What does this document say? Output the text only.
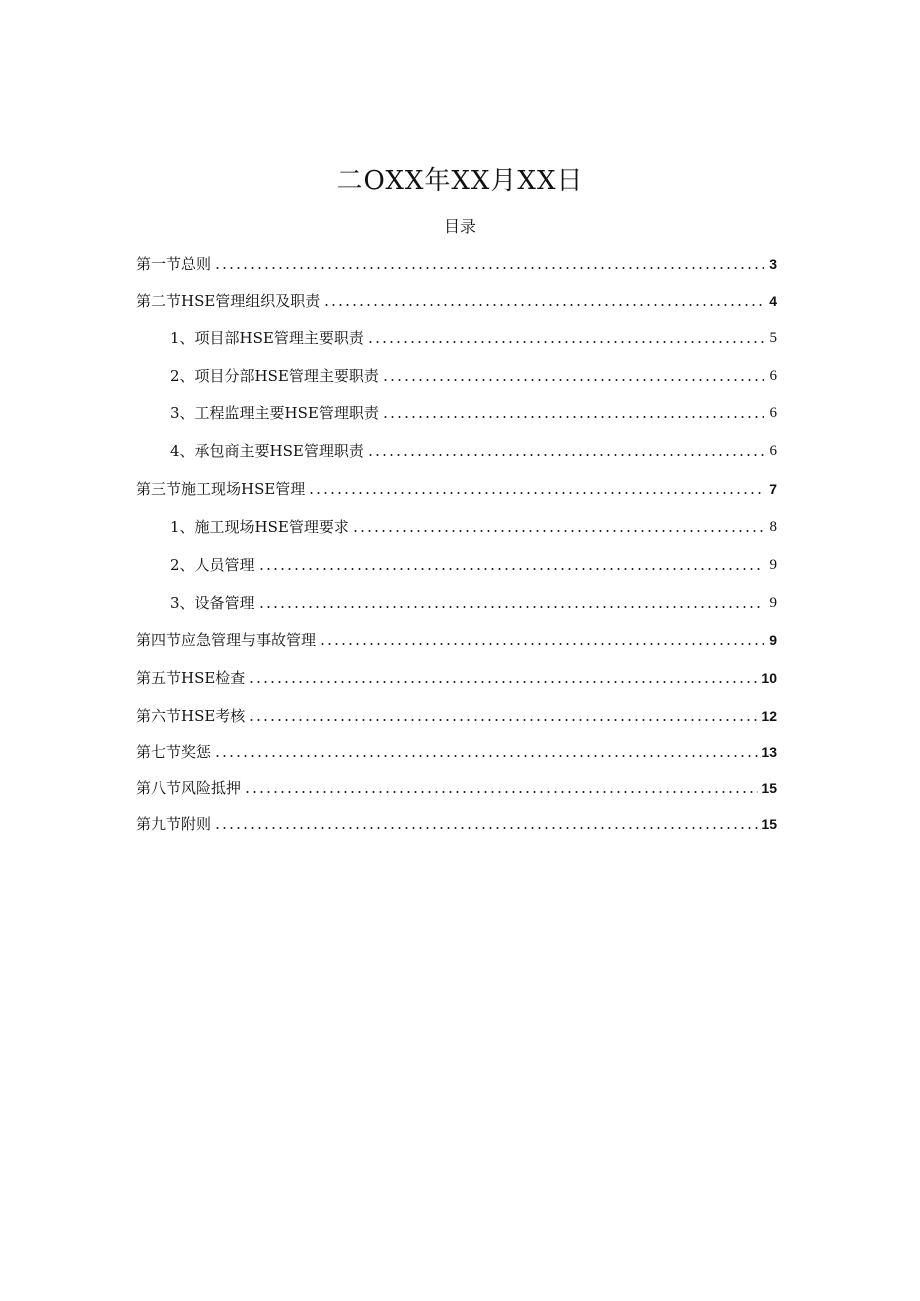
二OXX年XX月XX日
目录
第一节总则	3
第二节HSE管理组织及职责	4
1、项目部HSE管理主要职责	5
2、项目分部HSE管理主要职责	6
3、工程监理主要HSE管理职责	6
4、承包商主要HSE管理职责	6
第三节施工现场HSE管理	7
1、施工现场HSE管理要求	8
2、人员管理	9
3、设备管理	9
第四节应急管理与事故管理	9
第五节HSE检查	10
第六节HSE考核	12
第七节奖惩	13
第八节风险抵押	15
第九节附则	15
